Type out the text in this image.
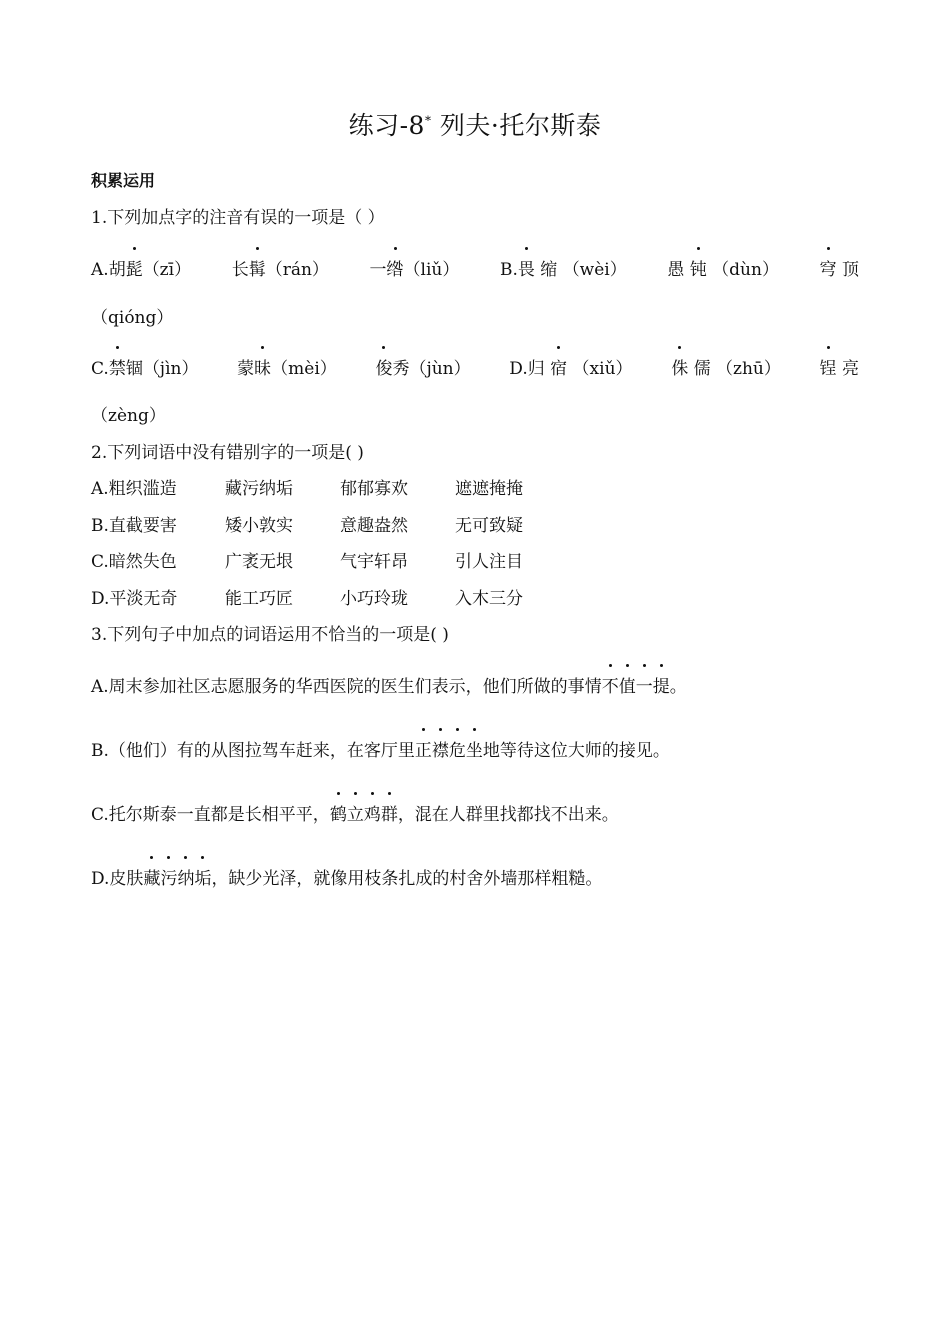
练习-8* 列夫·托尔斯泰
积累运用
1.下列加点字的注音有误的一项是（ ）
A.胡髭（zī） 长髯（rán） 一绺（liǔ） B.畏 缩 （wèi） 愚 钝 （dùn） 穹 顶
（qióng）
C.禁锢（jìn） 蒙昧（mèi） 俊秀（jùn） D.归 宿 （xiǔ） 侏 儒 （zhū） 锃 亮
（zèng）
2.下列词语中没有错别字的一项是( )
A.粗织滥造	藏污纳垢	郁郁寡欢	遮遮掩掩
B.直截要害	矮小敦实	意趣盎然	无可致疑
C.暗然失色	广袤无垠	气宇轩昂	引人注目
D.平淡无奇	能工巧匠	小巧玲珑	入木三分
3.下列句子中加点的词语运用不恰当的一项是( )
A.周末参加社区志愿服务的华西医院的医生们表示，他们所做的事情不值一提。
B.（他们）有的从图拉驾车赶来，在客厅里正襟危坐地等待这位大师的接见。
C.托尔斯泰一直都是长相平平，鹤立鸡群，混在人群里找都找不出来。
D.皮肤藏污纳垢，缺少光泽，就像用枝条扎成的村舍外墙那样粗糙。
